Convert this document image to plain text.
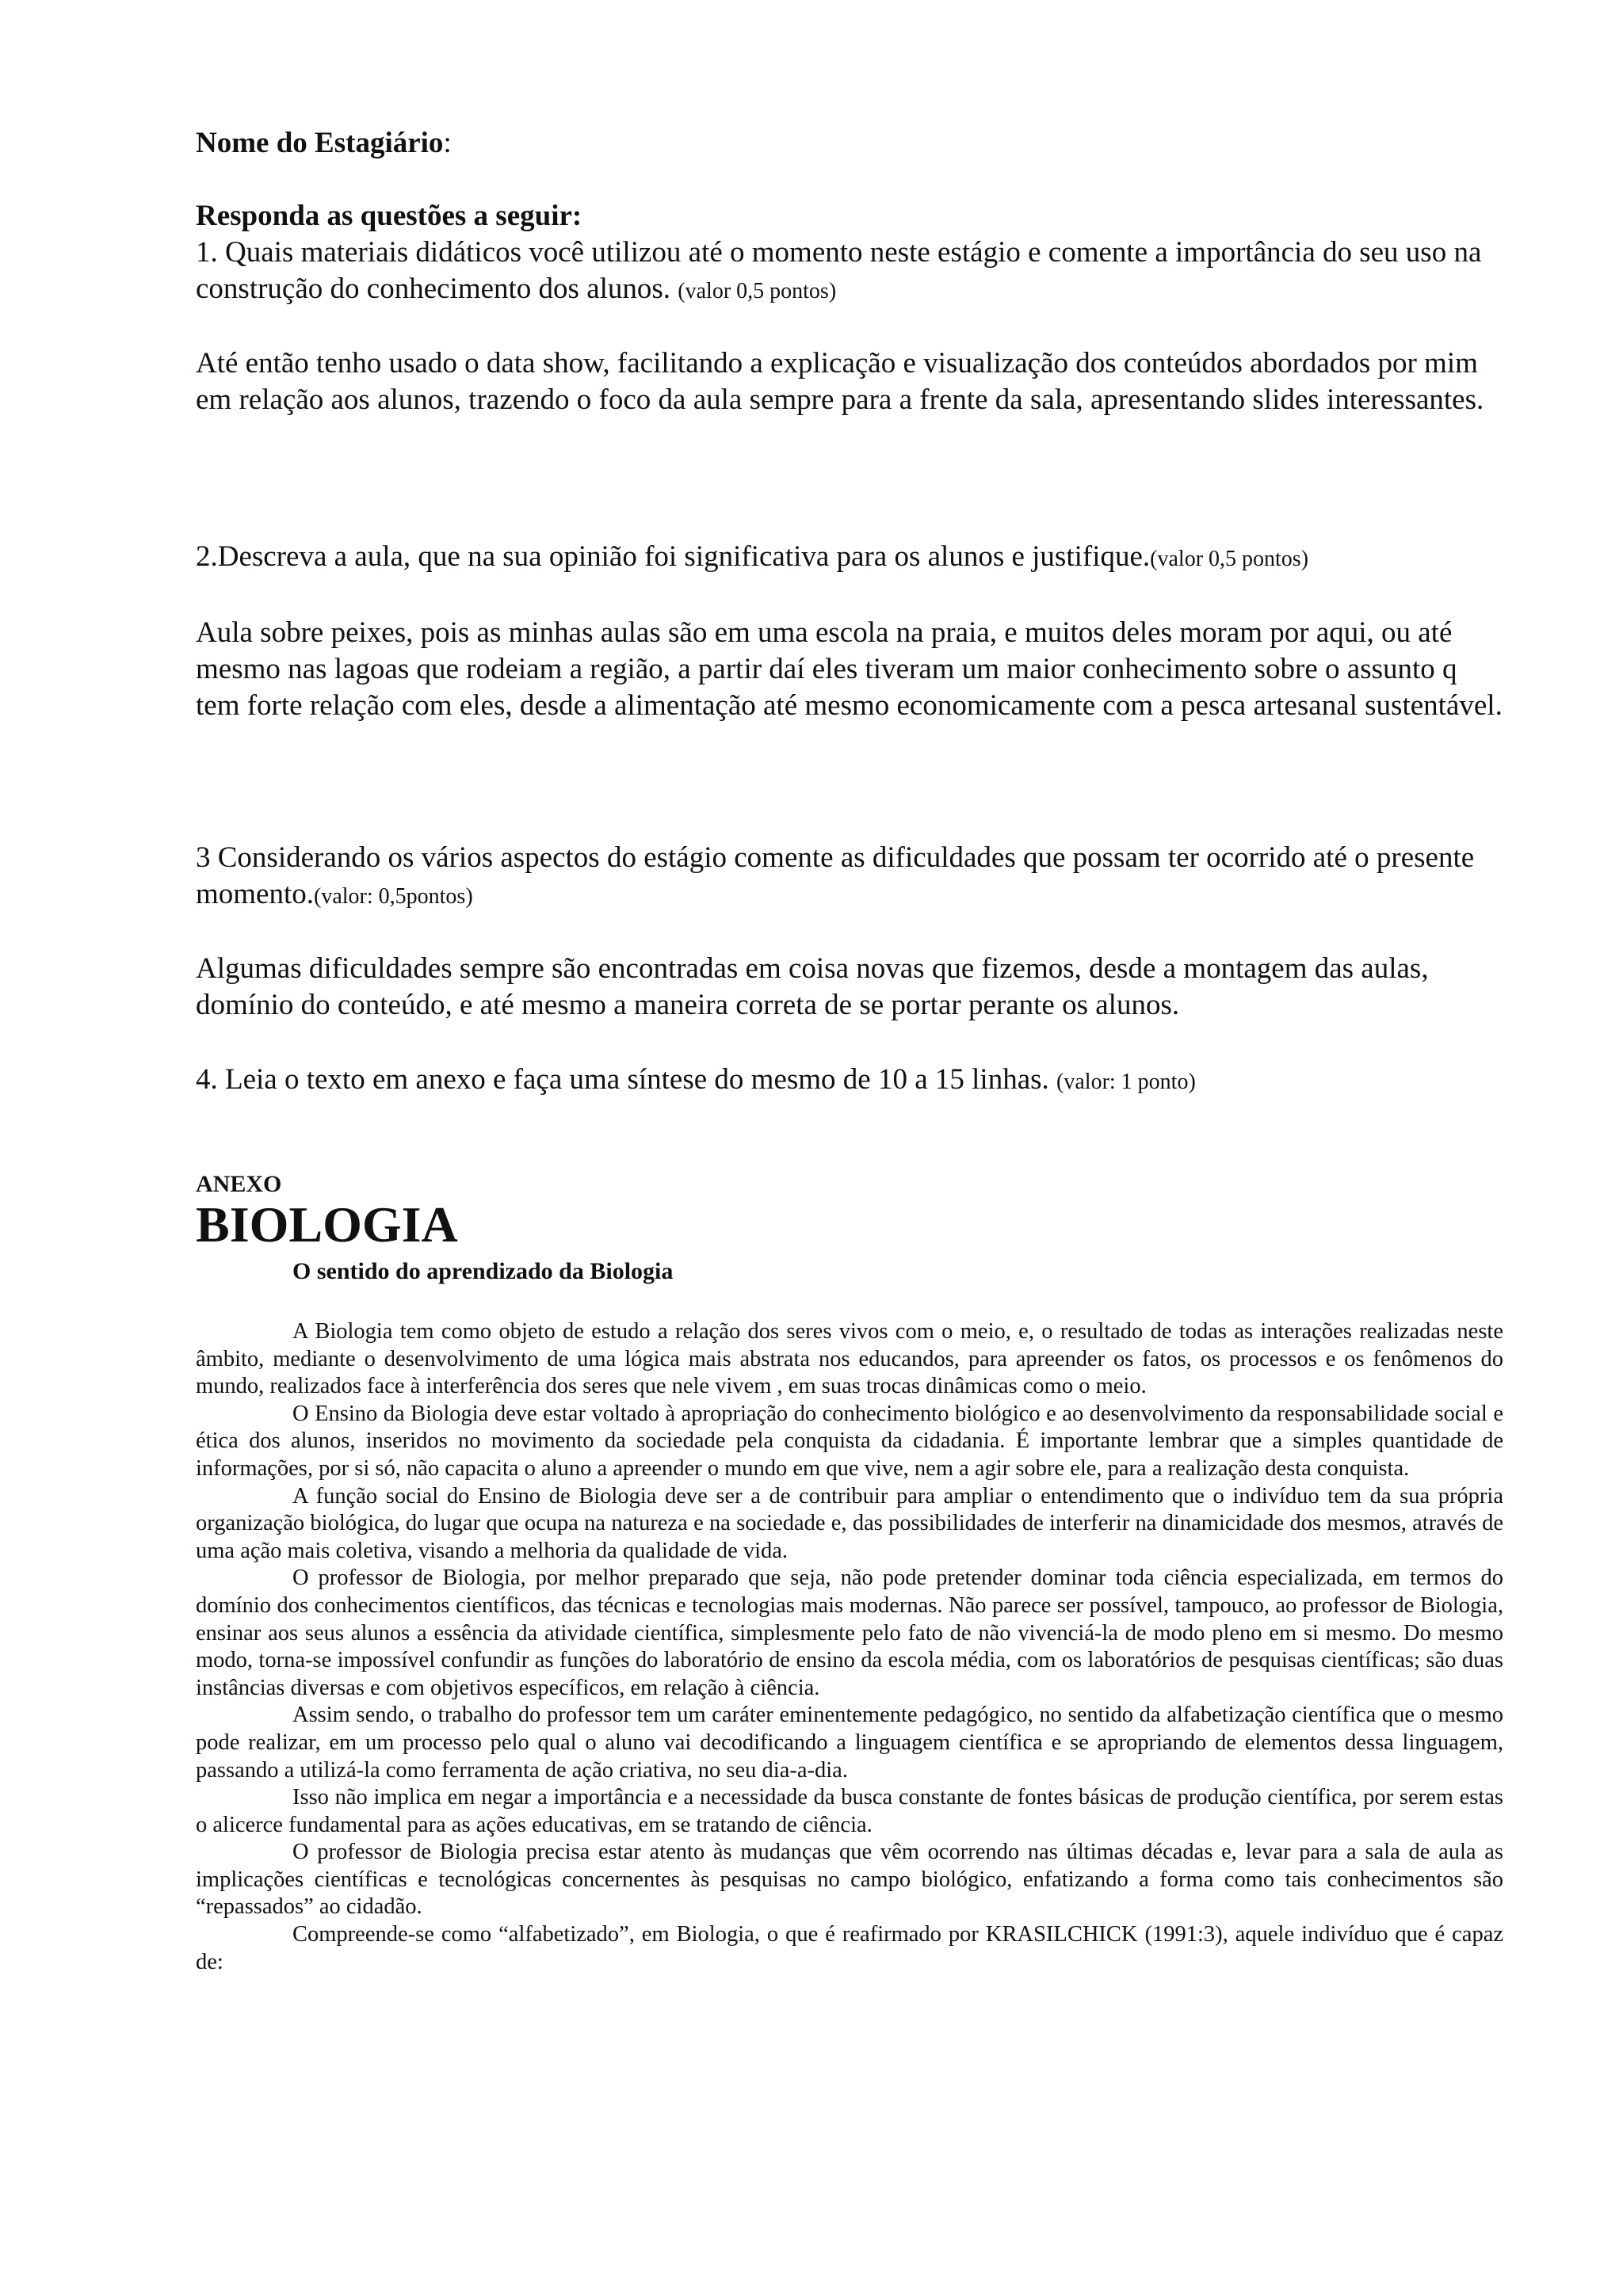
Nome do Estagiário:
Responda as questões a seguir:

1. Quais materiais didáticos você utilizou até o momento neste estágio e comente a importância do seu uso na construção do conhecimento dos alunos. (valor 0,5 pontos)

Até então tenho usado o data show, facilitando a explicação e visualização dos conteúdos abordados por mim em relação aos alunos, trazendo o foco da aula sempre para a frente da sala, apresentando slides interessantes.

2.Descreva a aula, que na sua opinião foi significativa para os alunos e justifique.(valor 0,5 pontos)

Aula sobre peixes, pois as minhas aulas são em uma escola na praia, e muitos deles moram por aqui, ou até mesmo nas lagoas que rodeiam a região, a partir daí eles tiveram um maior conhecimento sobre o assunto q tem forte relação com eles, desde a alimentação até mesmo economicamente com a pesca artesanal sustentável.

3 Considerando os vários aspectos do estágio comente as dificuldades que possam ter ocorrido até o presente momento.(valor: 0,5pontos)

Algumas dificuldades sempre são encontradas em coisa novas que fizemos, desde a montagem das aulas, domínio do conteúdo, e até mesmo a maneira correta de se portar perante os alunos.

4. Leia o texto em anexo e faça uma síntese do mesmo de 10 a 15 linhas. (valor: 1 ponto)

ANEXO
BIOLOGIA
O sentido do aprendizado da Biologia

A Biologia tem como objeto de estudo a relação dos seres vivos com o meio, e, o resultado de todas as interações realizadas neste âmbito, mediante o desenvolvimento de uma lógica mais abstrata nos educandos, para apreender os fatos, os processos e os fenômenos do mundo, realizados face à interferência dos seres que nele vivem , em suas trocas dinâmicas como o meio.

O Ensino da Biologia deve estar voltado à apropriação do conhecimento biológico e ao desenvolvimento da responsabilidade social e ética dos alunos, inseridos no movimento da sociedade pela conquista da cidadania. É importante lembrar que a simples quantidade de informações, por si só, não capacita o aluno a apreender o mundo em que vive, nem a agir sobre ele, para a realização desta conquista.

A função social do Ensino de Biologia deve ser a de contribuir para ampliar o entendimento que o indivíduo tem da sua própria organização biológica, do lugar que ocupa na natureza e na sociedade e, das possibilidades de interferir na dinamicidade dos mesmos, através de uma ação mais coletiva, visando a melhoria da qualidade de vida.

O professor de Biologia, por melhor preparado que seja, não pode pretender dominar toda ciência especializada, em termos do domínio dos conhecimentos científicos, das técnicas e tecnologias mais modernas. Não parece ser possível, tampouco, ao professor de Biologia, ensinar aos seus alunos a essência da atividade científica, simplesmente pelo fato de não vivenciá-la de modo pleno em si mesmo. Do mesmo modo, torna-se impossível confundir as funções do laboratório de ensino da escola média, com os laboratórios de pesquisas científicas; são duas instâncias diversas e com objetivos específicos, em relação à ciência.

Assim sendo, o trabalho do professor tem um caráter eminentemente pedagógico, no sentido da alfabetização científica que o mesmo pode realizar, em um processo pelo qual o aluno vai decodificando a linguagem científica e se apropriando de elementos dessa linguagem, passando a utilizá-la como ferramenta de ação criativa, no seu dia-a-dia.

Isso não implica em negar a importância e a necessidade da busca constante de fontes básicas de produção científica, por serem estas o alicerce fundamental para as ações educativas, em se tratando de ciência.

O professor de Biologia precisa estar atento às mudanças que vêm ocorrendo nas últimas décadas e, levar para a sala de aula as implicações científicas e tecnológicas concernentes às pesquisas no campo biológico, enfatizando a forma como tais conhecimentos são “repassados” ao cidadão.

Compreende-se como “alfabetizado”, em Biologia, o que é reafirmado por KRASILCHICK (1991:3), aquele indivíduo que é capaz de:
